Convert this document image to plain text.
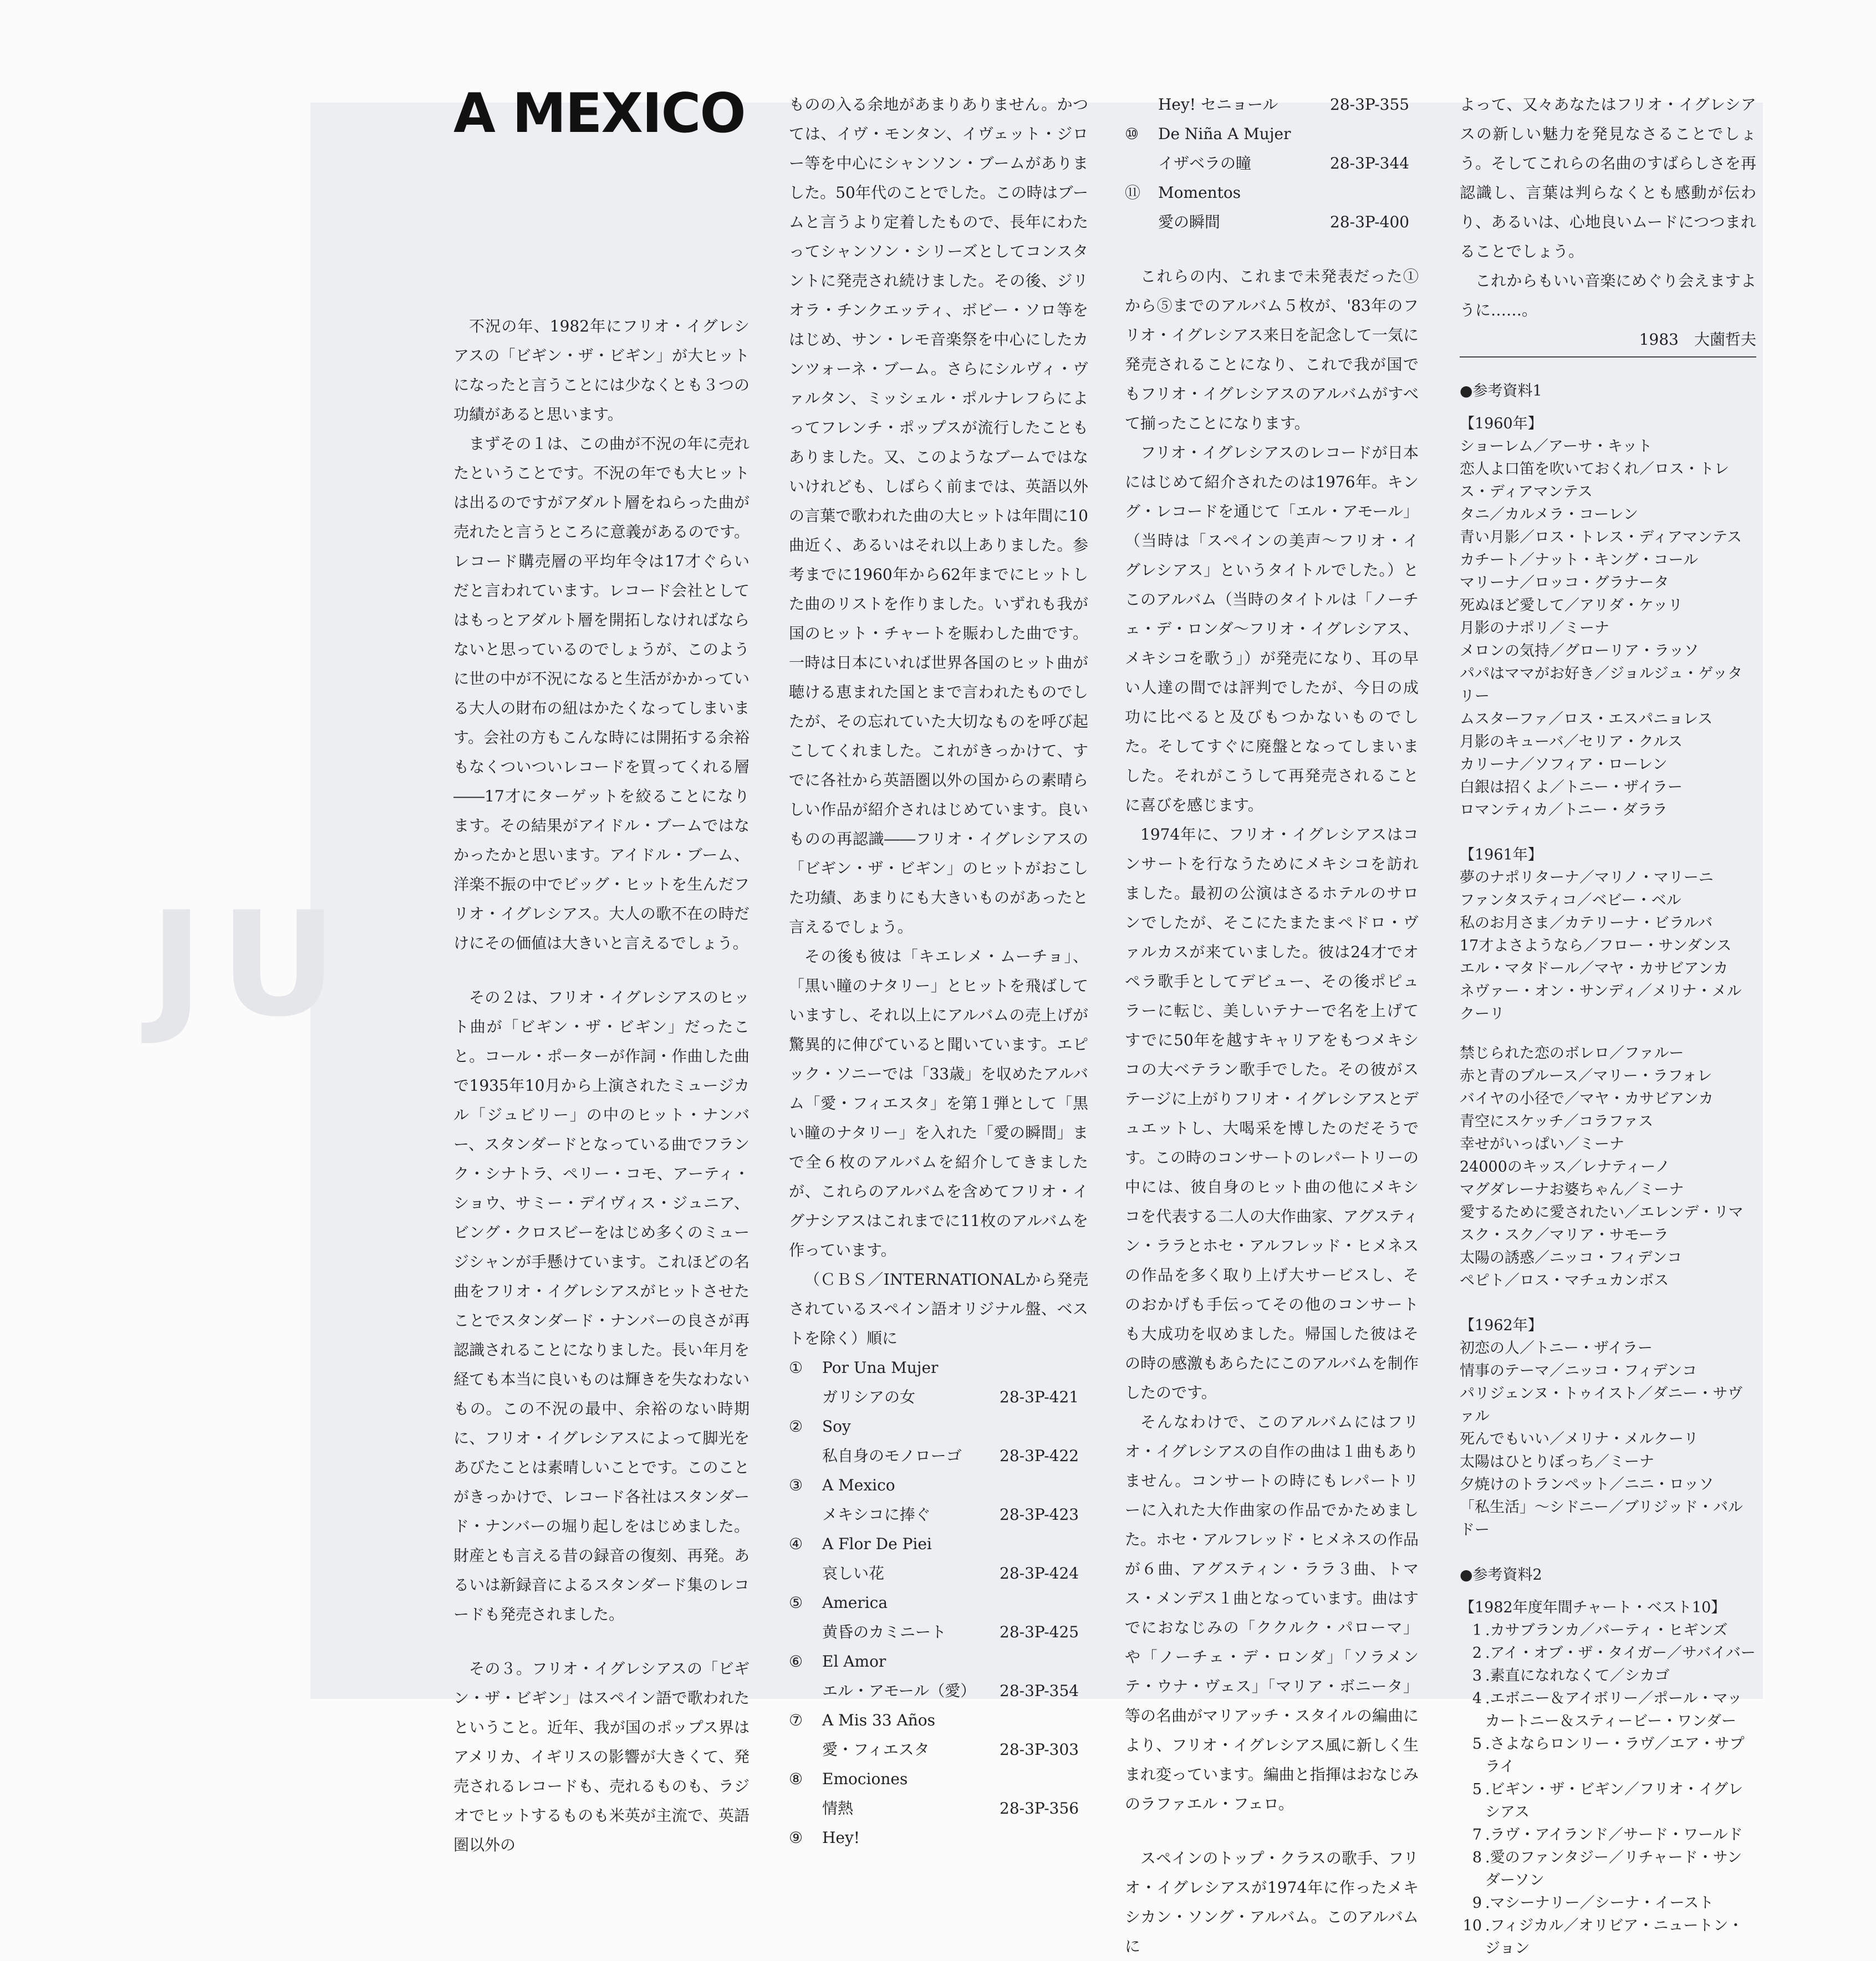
JU
A MEXICO

不況の年、1982年にフリオ・イグレシアスの「ビギン・ザ・ビギン」が大ヒットになったと言うことには少なくとも３つの功績があると思います。

まずその１は、この曲が不況の年に売れたということです。不況の年でも大ヒットは出るのですがアダルト層をねらった曲が売れたと言うところに意義があるのです。レコード購売層の平均年令は17才ぐらいだと言われています。レコード会社としてはもっとアダルト層を開拓しなければならないと思っているのでしょうが、このように世の中が不況になると生活がかかっている大人の財布の紐はかたくなってしまいます。会社の方もこんな時には開拓する余裕もなくついついレコードを買ってくれる層――17才にターゲットを絞ることになります。その結果がアイドル・ブームではなかったかと思います。アイドル・ブーム、洋楽不振の中でビッグ・ヒットを生んだフリオ・イグレシアス。大人の歌不在の時だけにその価値は大きいと言えるでしょう。

その２は、フリオ・イグレシアスのヒット曲が「ビギン・ザ・ビギン」だったこと。コール・ポーターが作詞・作曲した曲で1935年10月から上演されたミュージカル「ジュビリー」の中のヒット・ナンバー、スタンダードとなっている曲でフランク・シナトラ、ペリー・コモ、アーティ・ショウ、サミー・デイヴィス・ジュニア、ビング・クロスビーをはじめ多くのミュージシャンが手懸けています。これほどの名曲をフリオ・イグレシアスがヒットさせたことでスタンダード・ナンバーの良さが再認識されることになりました。長い年月を経ても本当に良いものは輝きを失なわないもの。この不況の最中、余裕のない時期に、フリオ・イグレシアスによって脚光をあびたことは素晴しいことです。このことがきっかけで、レコード各社はスタンダード・ナンバーの堀り起しをはじめました。財産とも言える昔の録音の復刻、再発。あるいは新録音によるスタンダード集のレコードも発売されました。

その３。フリオ・イグレシアスの「ビギン・ザ・ビギン」はスペイン語で歌われたということ。近年、我が国のポップス界はアメリカ、イギリスの影響が大きくて、発売されるレコードも、売れるものも、ラジオでヒットするものも米英が主流で、英語圏以外の

ものの入る余地があまりありません。かつては、イヴ・モンタン、イヴェット・ジロー等を中心にシャンソン・ブームがありました。50年代のことでした。この時はブームと言うより定着したもので、長年にわたってシャンソン・シリーズとしてコンスタントに発売され続けました。その後、ジリオラ・チンクエッティ、ボビー・ソロ等をはじめ、サン・レモ音楽祭を中心にしたカンツォーネ・ブーム。さらにシルヴィ・ヴァルタン、ミッシェル・ポルナレフらによってフレンチ・ポップスが流行したこともありました。又、このようなブームではないけれども、しばらく前までは、英語以外の言葉で歌われた曲の大ヒットは年間に10曲近く、あるいはそれ以上ありました。参考までに1960年から62年までにヒットした曲のリストを作りました。いずれも我が国のヒット・チャートを賑わした曲です。一時は日本にいれば世界各国のヒット曲が聴ける恵まれた国とまで言われたものでしたが、その忘れていた大切なものを呼び起こしてくれました。これがきっかけて、すでに各社から英語圏以外の国からの素晴らしい作品が紹介されはじめています。良いものの再認識――フリオ・イグレシアスの「ビギン・ザ・ビギン」のヒットがおこした功績、あまりにも大きいものがあったと言えるでしょう。

その後も彼は「キエレメ・ムーチョ」、「黒い瞳のナタリー」とヒットを飛ばしていますし、それ以上にアルバムの売上げが驚異的に伸びていると聞いています。エピック・ソニーでは「33歳」を収めたアルバム「愛・フィエスタ」を第１弾として「黒い瞳のナタリー」を入れた「愛の瞬間」まで全６枚のアルバムを紹介してきましたが、これらのアルバムを含めてフリオ・イグナシアスはこれまでに11枚のアルバムを作っています。

（ＣＢＳ／INTERNATIONALから発売されているスペイン語オリジナル盤、ベストを除く）順に

①	Por Una Mujer
ガリシアの女	28-3P-421
②	Soy
私自身のモノローゴ 28-3P-422
③	A Mexico
メキシコに捧ぐ	28-3P-423
④	A Flor De Piei
哀しい花	28-3P-424
⑤	America
黄昏のカミニート	28-3P-425
⑥	El Amor
エル・アモール（愛） 28-3P-354
⑦	A Mis 33 Años
愛・フィエスタ	28-3P-303
⑧	Emociones
情熱	28-3P-356
⑨	Hey!
Hey! セニョール	28-3P-355
⑩	De Niña A Mujer
イザベラの瞳	28-3P-344
⑪	Momentos
愛の瞬間	28-3P-400

これらの内、これまで未発表だった①から⑤までのアルバム５枚が、'83年のフリオ・イグレシアス来日を記念して一気に発売されることになり、これで我が国でもフリオ・イグレシアスのアルバムがすべて揃ったことになります。

フリオ・イグレシアスのレコードが日本にはじめて紹介されたのは1976年。キング・レコードを通じて「エル・アモール」（当時は「スペインの美声～フリオ・イグレシアス」というタイトルでした。）とこのアルバム（当時のタイトルは「ノーチェ・デ・ロンダ～フリオ・イグレシアス、メキシコを歌う」）が発売になり、耳の早い人達の間では評判でしたが、今日の成功に比べると及びもつかないものでした。そしてすぐに廃盤となってしまいました。それがこうして再発売されることに喜びを感じます。

1974年に、フリオ・イグレシアスはコンサートを行なうためにメキシコを訪れました。最初の公演はさるホテルのサロンでしたが、そこにたまたまペドロ・ヴァルカスが来ていました。彼は24才でオペラ歌手としてデビュー、その後ポピュラーに転じ、美しいテナーで名を上げてすでに50年を越すキャリアをもつメキシコの大ベテラン歌手でした。その彼がステージに上がりフリオ・イグレシアスとデュエットし、大喝采を博したのだそうです。この時のコンサートのレパートリーの中には、彼自身のヒット曲の他にメキシコを代表する二人の大作曲家、アグスティン・ララとホセ・アルフレッド・ヒメネスの作品を多く取り上げ大サービスし、そのおかげも手伝ってその他のコンサートも大成功を収めました。帰国した彼はその時の感激もあらたにこのアルバムを制作したのです。

そんなわけで、このアルバムにはフリオ・イグレシアスの自作の曲は１曲もありません。コンサートの時にもレパートリーに入れた大作曲家の作品でかためました。ホセ・アルフレッド・ヒメネスの作品が６曲、アグスティン・ララ３曲、トマス・メンデス１曲となっています。曲はすでにおなじみの「ククルク・パローマ」や「ノーチェ・デ・ロンダ」「ソラメンテ・ウナ・ヴェス」「マリア・ボニータ」等の名曲がマリアッチ・スタイルの編曲により、フリオ・イグレシアス風に新しく生まれ変っています。編曲と指揮はおなじみのラファエル・フェロ。

スペインのトップ・クラスの歌手、フリオ・イグレシアスが1974年に作ったメキシカン・ソング・アルバム。このアルバムに

よって、又々あなたはフリオ・イグレシアスの新しい魅力を発見なさることでしょう。そしてこれらの名曲のすばらしさを再認識し、言葉は判らなくとも感動が伝わり、あるいは、心地良いムードにつつまれることでしょう。

これからもいい音楽にめぐり会えますように……。

1983　大薗哲夫
●参考資料1
【1960年】
ショーレム／アーサ・キット
恋人よ口笛を吹いておくれ／ロス・トレス・ディアマンテス
タニ／カルメラ・コーレン
青い月影／ロス・トレス・ディアマンテス
カチート／ナット・キング・コール
マリーナ／ロッコ・グラナータ
死ぬほど愛して／アリダ・ケッリ
月影のナポリ／ミーナ
メロンの気持／グローリア・ラッソ
パパはママがお好き／ジョルジュ・ゲッタリー
ムスターファ／ロス・エスパニョレス
月影のキューバ／セリア・クルス
カリーナ／ソフィア・ローレン
白銀は招くよ／トニー・ザイラー
ロマンティカ／トニー・ダララ
【1961年】
夢のナポリターナ／マリノ・マリーニ
ファンタスティコ／ベビー・ベル
私のお月さま／カテリーナ・ビラルバ
17才よさようなら／フロー・サンダンス
エル・マタドール／マヤ・カサビアンカ
ネヴァー・オン・サンディ／メリナ・メルクーリ
禁じられた恋のボレロ／ファルー
赤と青のブルース／マリー・ラフォレ
バイヤの小径で／マヤ・カサビアンカ
青空にスケッチ／コラファス
幸せがいっぱい／ミーナ
24000のキッス／レナティーノ
マグダレーナお婆ちゃん／ミーナ
愛するために愛されたい／エレンデ・リマスク・スク／マリア・サモーラ
太陽の誘惑／ニッコ・フィデンコ
ペピト／ロス・マチュカンボス
【1962年】
初恋の人／トニー・ザイラー
情事のテーマ／ニッコ・フィデンコ
パリジェンヌ・トゥイスト／ダニー・サヴァル
死んでもいい／メリナ・メルクーリ
太陽はひとりぼっち／ミーナ
夕焼けのトランペット／ニニ・ロッソ
「私生活」～シドニー／ブリジッド・バルドー
●参考資料2
【1982年度年間チャート・ベスト10】
1 .カサブランカ／バーティ・ヒギンズ
2 .アイ・オブ・ザ・タイガー／サバイバー
3 .素直になれなくて／シカゴ
4 .エボニー＆アイボリー／ポール・マッカートニー＆スティービー・ワンダー
5 .さよならロンリー・ラヴ／エア・サプライ
5 .ビギン・ザ・ビギン／フリオ・イグレシアス
7 .ラヴ・アイランド／サード・ワールド
8 .愛のファンタジー／リチャード・サンダーソン
9 .マシーナリー／シーナ・イースト
10 .フィジカル／オリビア・ニュートン・ジョン
